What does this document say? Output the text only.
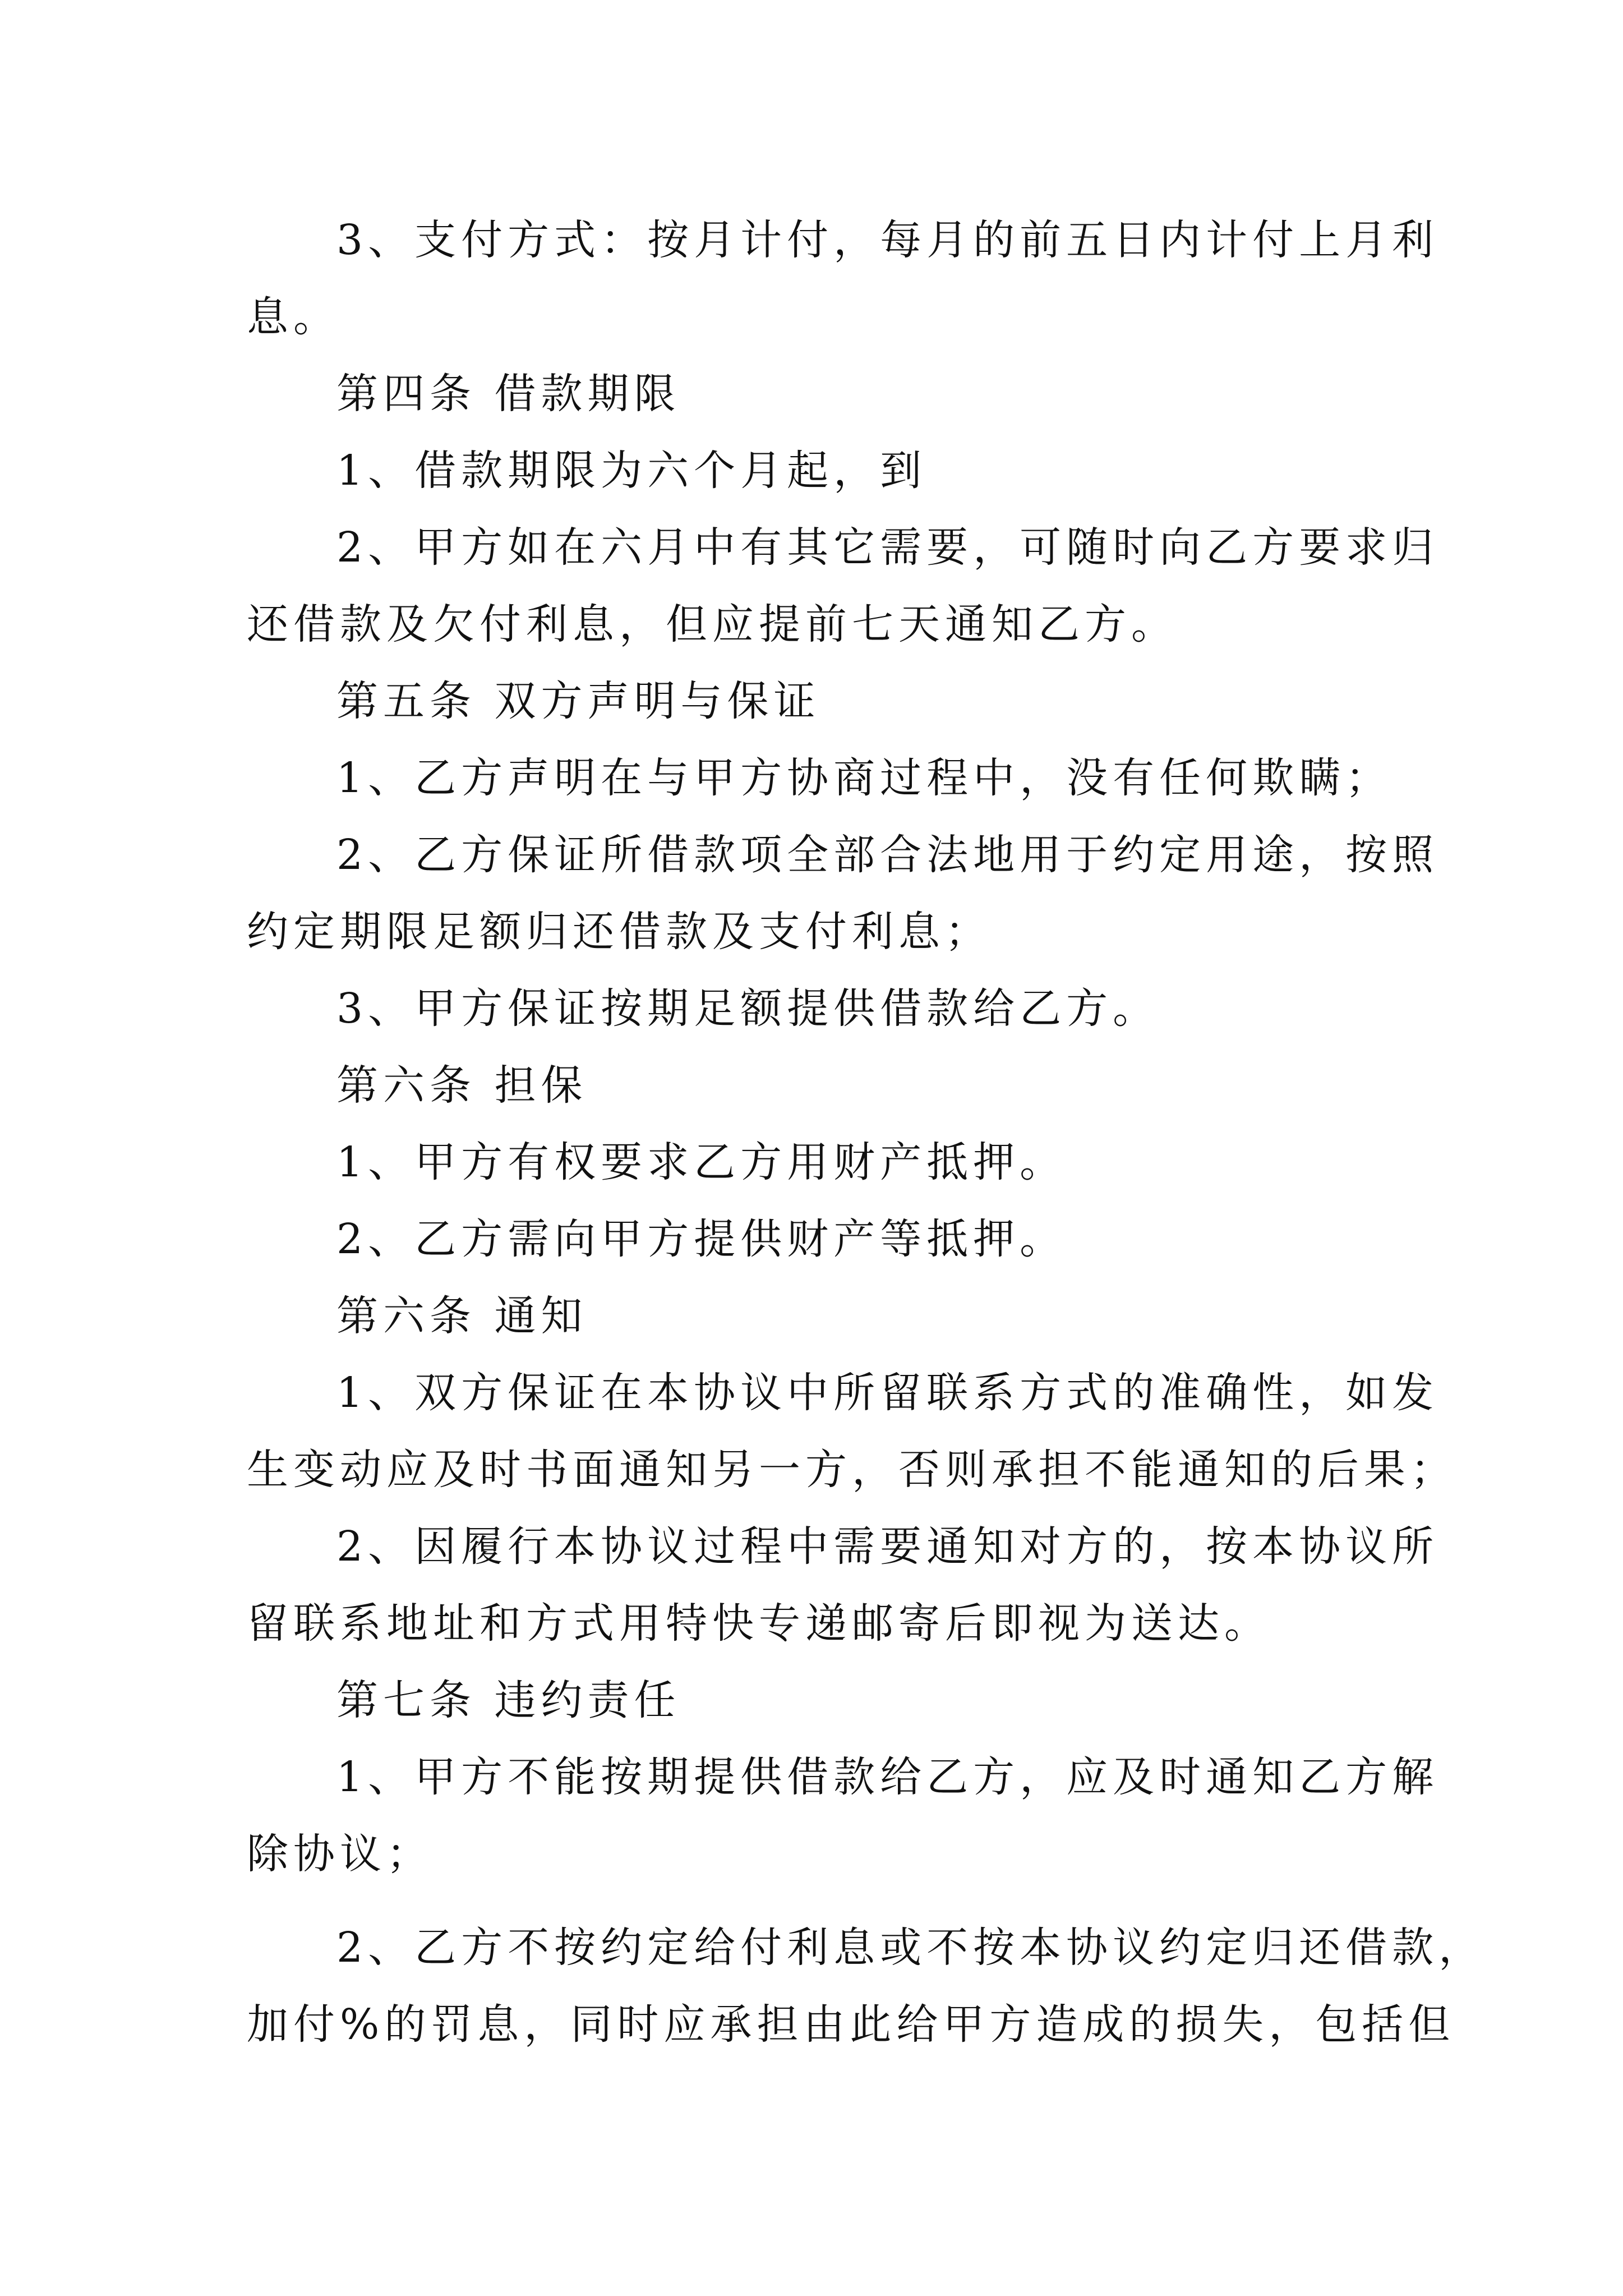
3、支付方式：按月计付，每月的前五日内计付上月利

息。

第四条 借款期限

1、借款期限为六个月起，到

2、甲方如在六月中有其它需要，可随时向乙方要求归

还借款及欠付利息，但应提前七天通知乙方。

第五条 双方声明与保证

1、乙方声明在与甲方协商过程中，没有任何欺瞒；

2、乙方保证所借款项全部合法地用于约定用途，按照

约定期限足额归还借款及支付利息；

3、甲方保证按期足额提供借款给乙方。

第六条 担保

1、甲方有权要求乙方用财产抵押。

2、乙方需向甲方提供财产等抵押。

第六条 通知

1、双方保证在本协议中所留联系方式的准确性，如发

生变动应及时书面通知另一方，否则承担不能通知的后果；

2、因履行本协议过程中需要通知对方的，按本协议所

留联系地址和方式用特快专递邮寄后即视为送达。

第七条 违约责任

1、甲方不能按期提供借款给乙方，应及时通知乙方解

除协议；

2、乙方不按约定给付利息或不按本协议约定归还借款，

加付%的罚息，同时应承担由此给甲方造成的损失，包括但
